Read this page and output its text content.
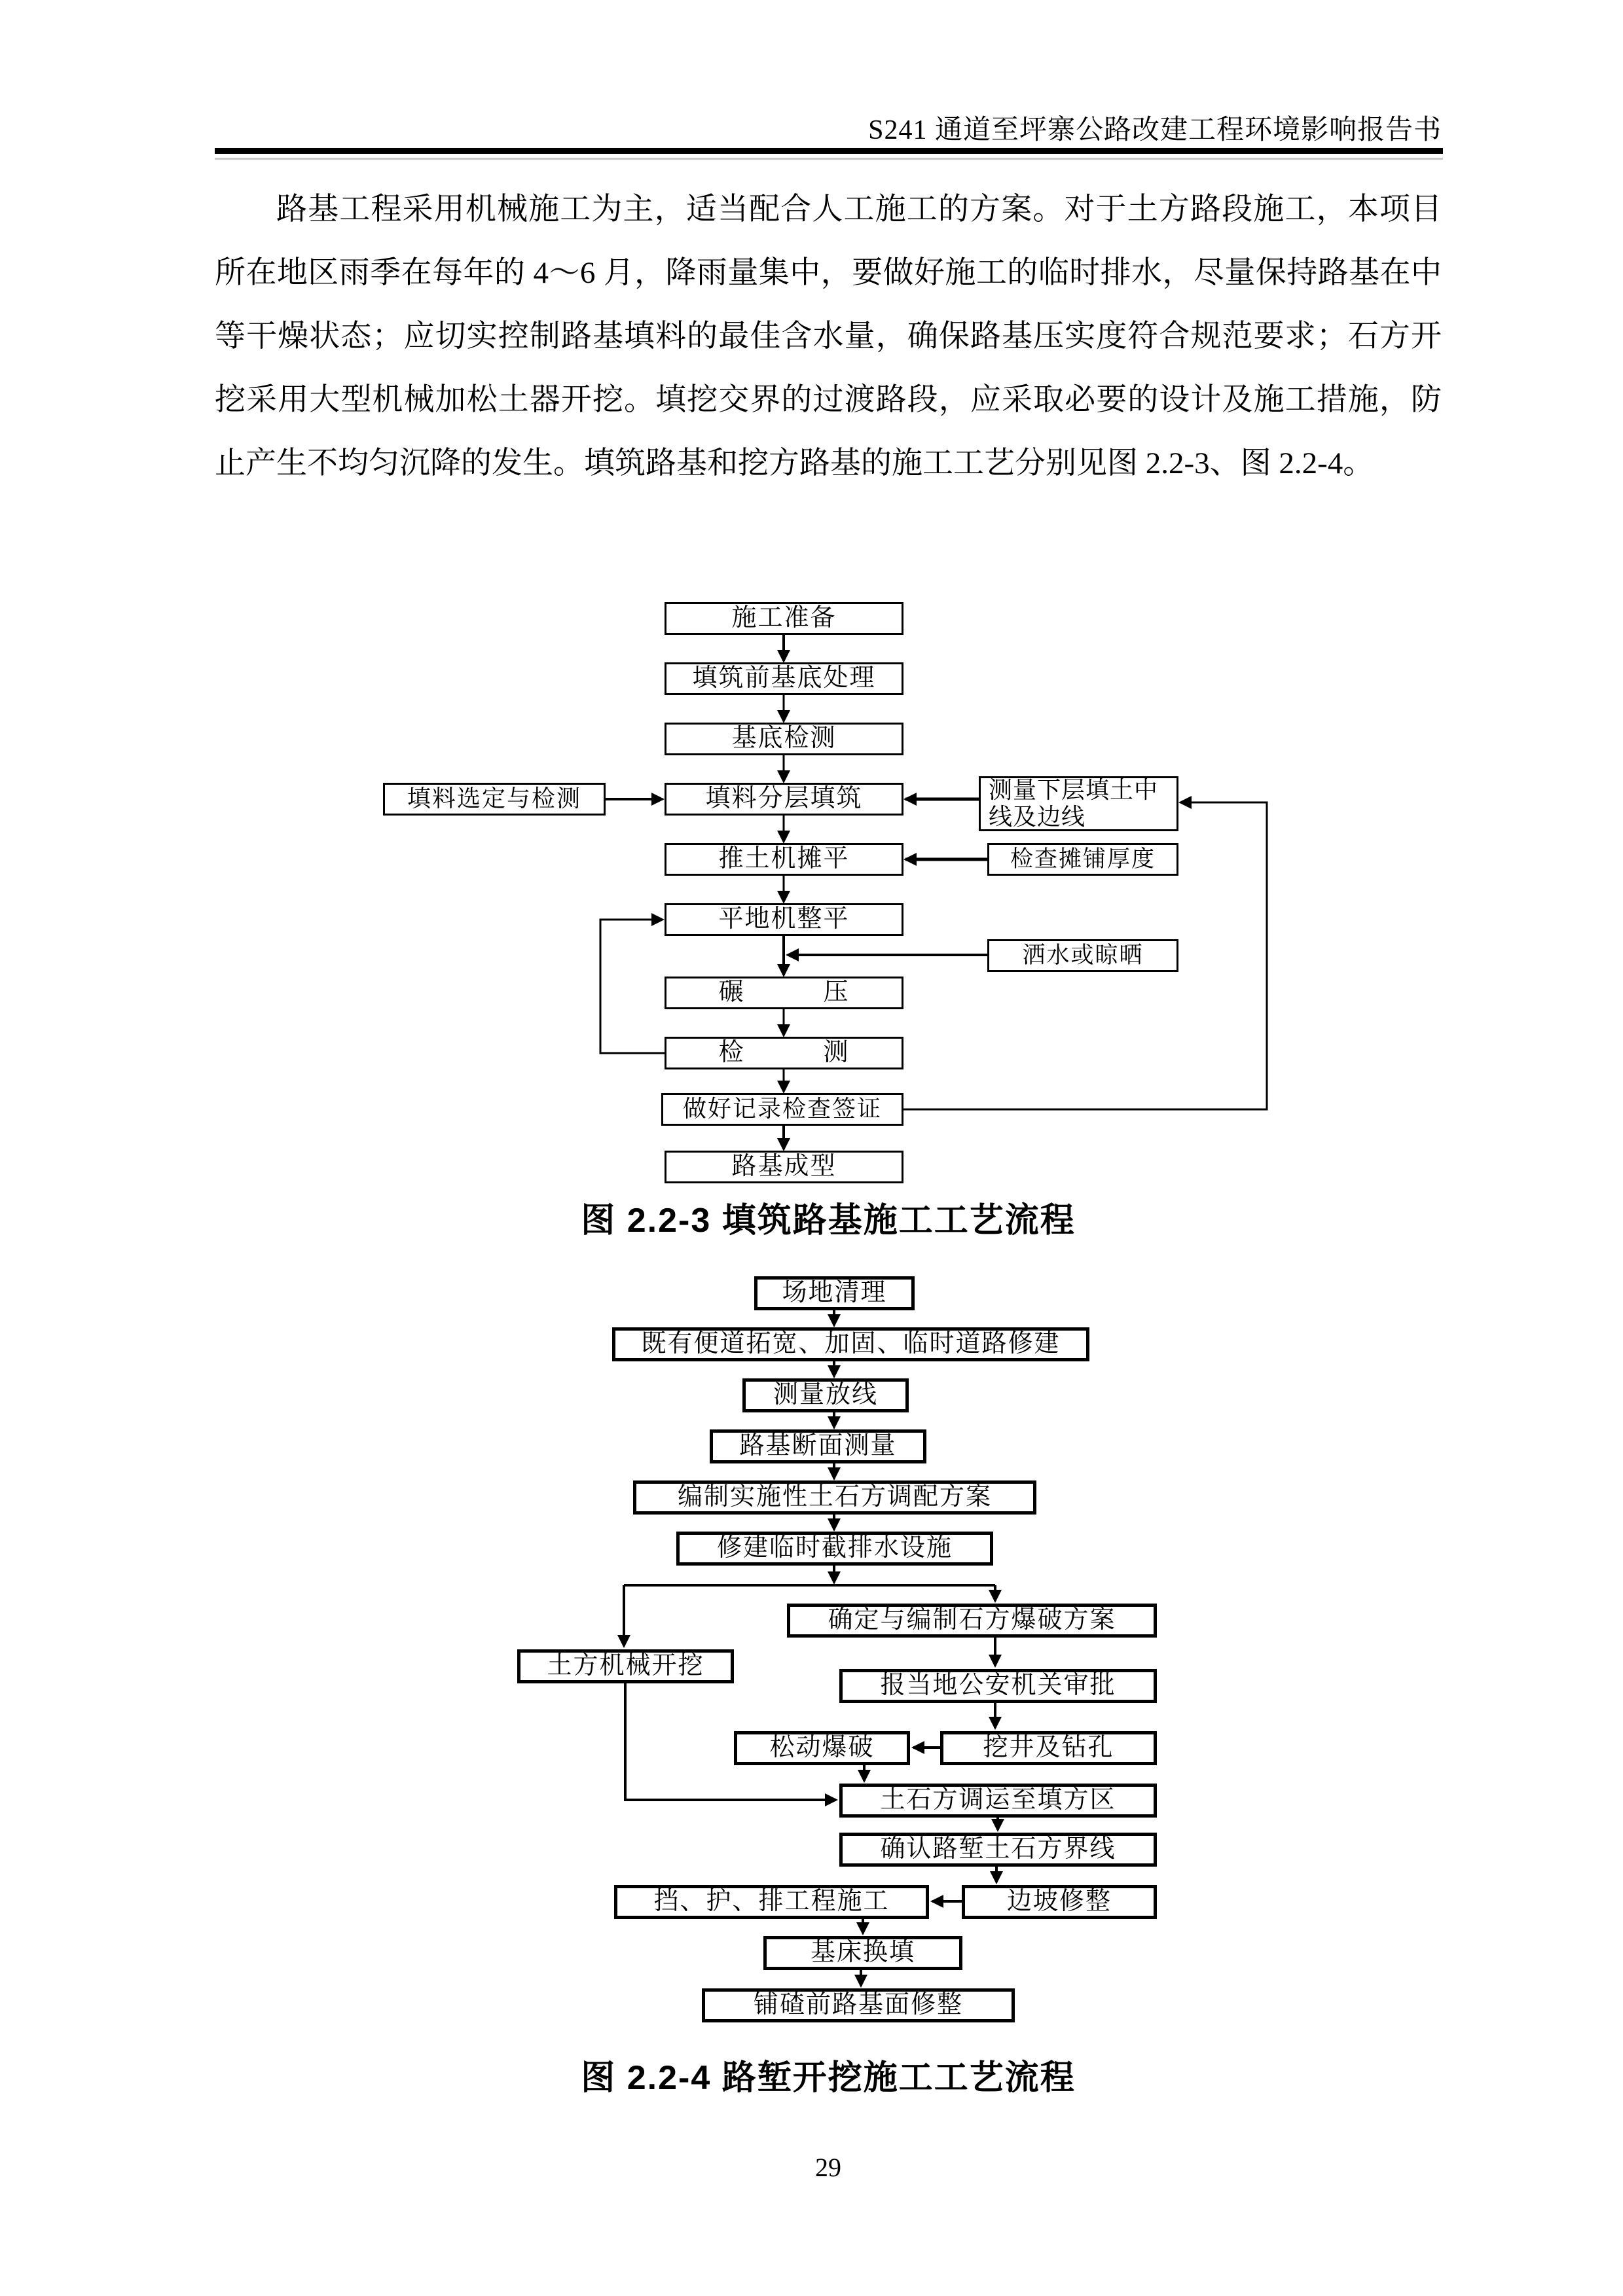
S241 通道至坪寨公路改建工程环境影响报告书
路基工程采用机械施工为主，适当配合人工施工的方案。对于土方路段施工，本项目所在地区雨季在每年的 4～6 月，降雨量集中，要做好施工的临时排水，尽量保持路基在中等干燥状态；应切实控制路基填料的最佳含水量，确保路基压实度符合规范要求；石方开挖采用大型机械加松土器开挖。填挖交界的过渡路段，应采取必要的设计及施工措施，防止产生不均匀沉降的发生。填筑路基和挖方路基的施工工艺分别见图 2.2-3、图 2.2-4。
施工准备
填筑前基底处理
基底检测
填料分层填筑
填料选定与检测	测量下层填土中线及边线
推土机摊平	检查摊铺厚度
平地机整平
洒水或晾晒
碾　　　压
检　　　测
做好记录检查签证
路基成型
图 2.2-3 填筑路基施工工艺流程
场地清理
既有便道拓宽、加固、临时道路修建
测量放线
路基断面测量
编制实施性土石方调配方案
修建临时截排水设施
土方机械开挖
确定与编制石方爆破方案
报当地公安机关审批
挖井及钻孔
松动爆破
土石方调运至填方区
确认路堑土石方界线
边坡修整
挡、护、排工程施工
基床换填
铺碴前路基面修整
图 2.2-4 路堑开挖施工工艺流程
29
